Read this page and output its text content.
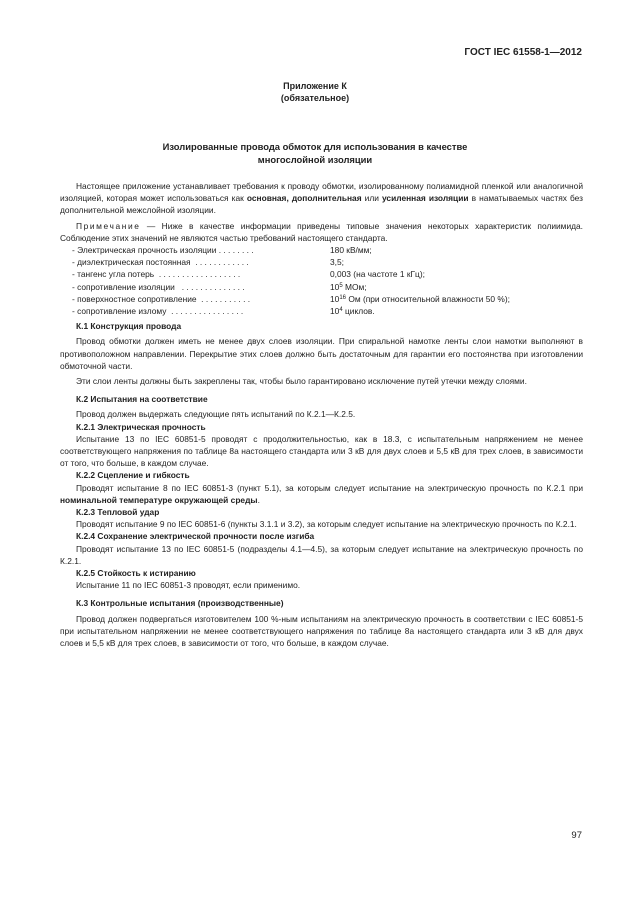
ГОСТ IEC 61558-1—2012
Приложение К
(обязательное)
Изолированные провода обмоток для использования в качестве
многослойной изоляции

Настоящее приложение устанавливает требования к проводу обмотки, изолированному полиамидной пленкой или аналогичной изоляцией, которая может использоваться как основная, дополнительная или усиленная изоляции в наматываемых частях без дополнительной межслойной изоляции.

Примечание — Ниже в качестве информации приведены типовые значения некоторых характеристик полиимида. Соблюдение этих значений не являются частью требований настоящего стандарта.

- Электрическая прочность изоляции . . . . . . . .	180 кВ/мм;
- диэлектрическая постоянная  . . . . . . . . . . . .	3,5;
- тангенс угла потерь  . . . . . . . . . . . . . . . . . .	0,003 (на частоте 1 кГц);
- сопротивление изоляции   . . . . . . . . . . . . . .	$10^5$ МОм;
- поверхностное сопротивление  . . . . . . . . . . .	$10^{16}$ Ом (при относительной влажности 50 %);
- сопротивление излому  . . . . . . . . . . . . . . . .	$10^4$ циклов.
К.1 Конструкция провода

Провод обмотки должен иметь не менее двух слоев изоляции. При спиральной намотке ленты слои намотки выполняют в противоположном направлении. Перекрытие этих слоев должно быть достаточным для гарантии его постоянства при изготовлении обмоточной части.

Эти слои ленты должны быть закреплены так, чтобы было гарантировано исключение путей утечки между слоями.

К.2 Испытания на соответствие

Провод должен выдержать следующие пять испытаний по К.2.1—К.2.5.

К.2.1 Электрическая прочность

Испытание 13 по IEC 60851-5 проводят с продолжительностью, как в 18.3, с испытательным напряжением не менее соответствующего напряжения по таблице 8а настоящего стандарта или 3 кВ для двух слоев и 5,5 кВ для трех слоев, в зависимости от того, что больше, в каждом случае.

К.2.2 Сцепление и гибкость

Проводят испытание 8 по IEC 60851-3 (пункт 5.1), за которым следует испытание на электрическую прочность по К.2.1 при номинальной температуре окружающей среды.

К.2.3 Тепловой удар

Проводят испытание 9 по IEC 60851-6 (пункты 3.1.1 и 3.2), за которым следует испытание на электрическую прочность по К.2.1.

К.2.4 Сохранение электрической прочности после изгиба

Проводят испытание 13 по IEC 60851-5 (подразделы 4.1—4.5), за которым следует испытание на электрическую прочность по К.2.1.

К.2.5 Стойкость к истиранию

Испытание 11 по IEC 60851-3 проводят, если применимо.

К.3 Контрольные испытания (производственные)

Провод должен подвергаться изготовителем 100 %-ным испытаниям на электрическую прочность в соответствии с IEC 60851-5 при испытательном напряжении не менее соответствующего напряжения по таблице 8а настоящего стандарта или 3 кВ для двух слоев и 5,5 кВ для трех слоев, в зависимости от того, что больше, в каждом случае.

97
